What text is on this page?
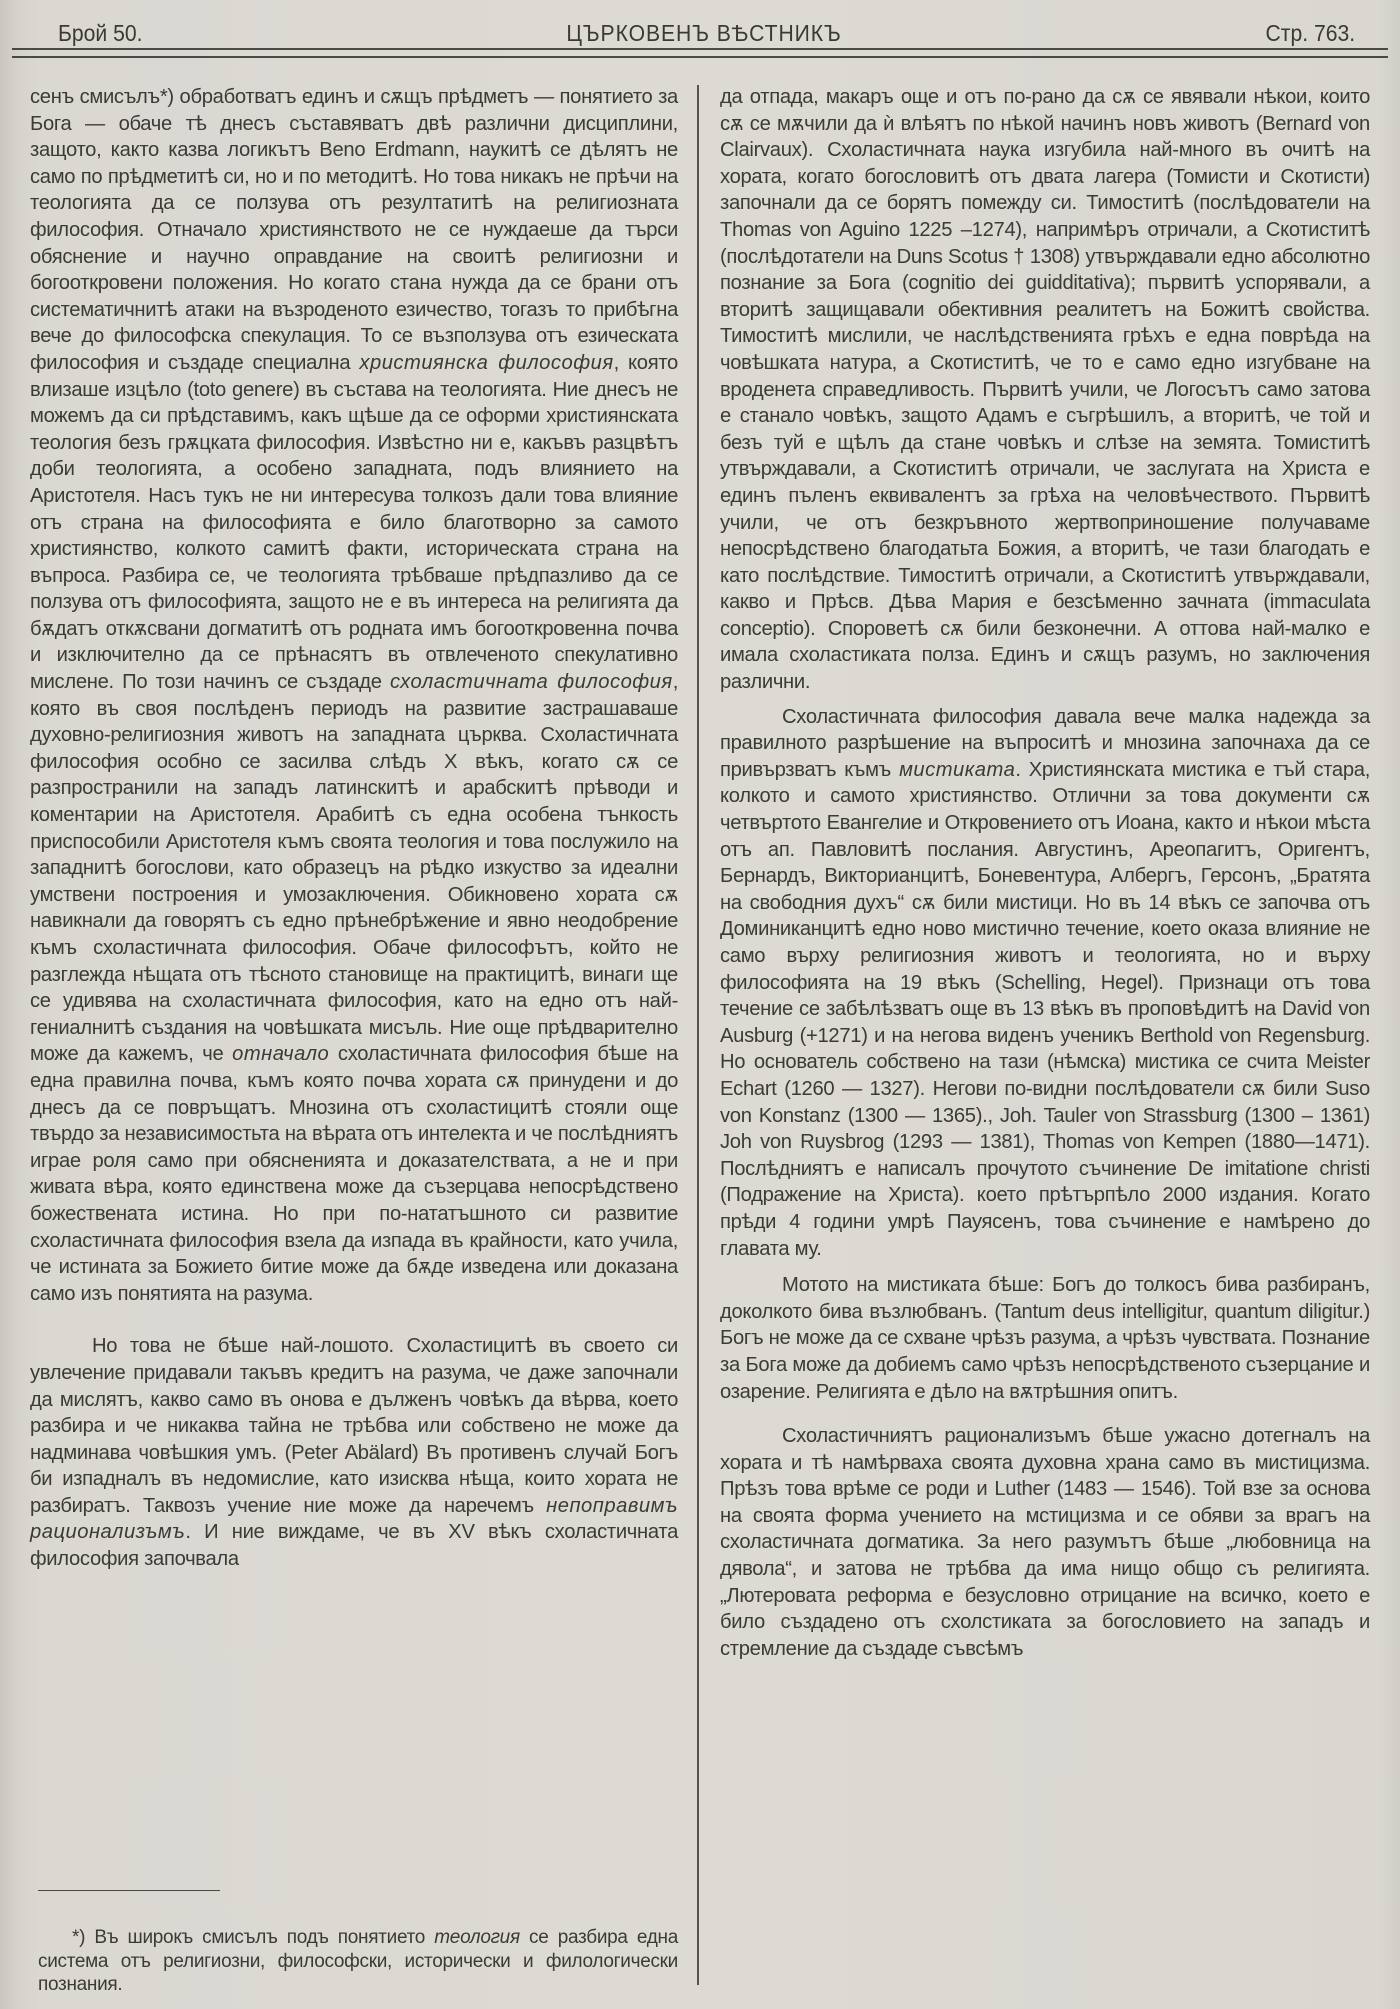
Брой 50.	ЦЪРКОВЕНЪ ВѢСТНИКЪ	Стр. 763.

сенъ смисълъ*) обработватъ единъ и сѫщъ прѣдметъ — понятието за Бога — обаче тѣ днесъ съставяватъ двѣ различни дисциплини, защото, както казва логикътъ Beno Erdmann, наукитѣ се дѣлятъ не само по прѣдметитѣ си, но и по методитѣ. Но това никакъ не прѣчи на теологията да се ползува отъ резултатитѣ на религиозната философия. Отначало християнството не се нуждаеше да търси обяснение и научно оправдание на своитѣ религиозни и богооткровени положения. Но когато стана нужда да се брани отъ систематичнитѣ атаки на възроденото езичество, тогазъ то прибѣгна вече до философска спекулация. То се възползува отъ езическата философия и създаде специална християнска философия, която влизаше изцѣло (toto genere) въ състава на теологията. Ние днесъ не можемъ да си прѣдставимъ, какъ щѣше да се оформи християнската теология безъ грѫцката философия. Извѣстно ни е, какъвъ разцвѣтъ доби теологията, а особено западната, подъ влиянието на Аристотеля. Насъ тукъ не ни интересува толкозъ дали това влияние отъ страна на философията е било благотворно за самото християнство, колкото самитѣ факти, историческата страна на въпроса. Разбира се, че теологията трѣбваше прѣдпазливо да се ползува отъ философията, защото не е въ интереса на религията да бѫдатъ откѫсвани догматитѣ отъ родната имъ богооткровенна почва и изключително да се прѣнасятъ въ отвлеченото спекулативно мислене. По този начинъ се създаде схоластичната философия, която въ своя послѣденъ периодъ на развитие застрашаваше духовно-религиозния животъ на западната църква. Схоластичната философия особно се засилва слѣдъ X вѣкъ, когато сѫ се разпространили на западъ латинскитѣ и арабскитѣ прѣводи и коментарии на Аристотеля. Арабитѣ съ една особена тънкость приспособили Аристотеля къмъ своята теология и това послужило на западнитѣ богослови, като образецъ на рѣдко изкуство за идеални умствени построения и умозаключения. Обикновено хората сѫ навикнали да говорятъ съ едно прѣнебрѣжение и явно неодобрение къмъ схоластичната философия. Обаче философътъ, който не разглежда нѣщата отъ тѣсното становище на практицитѣ, винаги ще се удивява на схоластичната философия, като на едно отъ най-гениалнитѣ създания на човѣшката мисъль. Ние още прѣдварително може да кажемъ, че отначало схоластичната философия бѣше на една правилна почва, къмъ която почва хората сѫ принудени и до днесъ да се повръщатъ. Мнозина отъ схоластицитѣ стояли още твърдо за независимостьта на вѣрата отъ интелекта и че послѣдниятъ играе роля само при обясненията и доказателствата, а не и при живата вѣра, която единствена може да съзерцава непосрѣдствено божествената истина. Но при по-нататъшното си развитие схоластичната философия взела да изпада въ крайности, като учила, че истината за Божието битие може да бѫде изведена или доказана само изъ понятията на разума.

Но това не бѣше най-лошото. Схоластицитѣ въ своето си увлечение придавали такъвъ кредитъ на разума, че даже започнали да мислятъ, какво само въ онова е дълженъ човѣкъ да вѣрва, което разбира и че никаква тайна не трѣбва или собствено не може да надминава човѣшкия умъ. (Peter Abälard) Въ противенъ случай Богъ би изпадналъ въ недомислие, като изисква нѣща, които хората не разбиратъ. Таквозъ учение ние може да наречемъ непоправимъ рационализъмъ. И ние виждаме, че въ XV вѣкъ схоластичната философия започвала

да отпада, макаръ още и отъ по-рано да сѫ се явявали нѣкои, които сѫ се мѫчили да ѝ влѣятъ по нѣкой начинъ новъ животъ (Bernard von Clairvaux). Схоластичната наука изгубила най-много въ очитѣ на хората, когато богословитѣ отъ двата лагера (Томисти и Скотисти) започнали да се борятъ помежду си. Тимоститѣ (послѣдователи на Thomas von Aguino 1225 –1274), напримѣръ отричали, а Скотиститѣ (послѣдотатели на Duns Scotus † 1308) утвърждавали едно абсолютно познание за Бога (cognitio dei guidditativa); първитѣ успорявали, а вторитѣ защищавали обективния реалитетъ на Божитѣ свойства. Тимоститѣ мислили, че наслѣдственията грѣхъ е една поврѣда на човѣшката натура, а Скотиститѣ, че то е само едно изгубване на вроденета справедливость. Първитѣ учили, че Логосътъ само затова е станало човѣкъ, защото Адамъ е съгрѣшилъ, а вторитѣ, че той и безъ туй е щѣлъ да стане човѣкъ и слѣзе на земята. Томиститѣ утвърждавали, а Скотиститѣ отричали, че заслугата на Христа е единъ пъленъ еквивалентъ за грѣха на человѣчеството. Първитѣ учили, че отъ безкръвното жертвоприношение получаваме непосрѣдствено благодатьта Божия, а вторитѣ, че тази благодать е като послѣдствие. Тимоститѣ отричали, а Скотиститѣ утвърждавали, какво и Прѣсв. Дѣва Мария е безсѣменно зачната (immaculata conceptio). Споровeтѣ сѫ били безконечни. А оттова най-малко е имала схоластиката полза. Единъ и сѫщъ разумъ, но заключения различни.

Схоластичната философия давала вече малка надежда за правилното разрѣшение на въпроситѣ и мнозина започнаха да се привързватъ къмъ мистиката. Християнската мистика е тъй стара, колкото и самото християнство. Отлични за това документи сѫ четвъртото Евангелие и Откровението отъ Иоана, както и нѣкои мѣста отъ ап. Павловитѣ послания. Августинъ, Ареопагитъ, Оригентъ, Бернардъ, Викторианцитѣ, Боневентура, Албергъ, Герсонъ, „Братята на свободния духъ“ сѫ били мистици. Но въ 14 вѣкъ се започва отъ Доминиканцитѣ едно ново мистично течение, което оказа влияние не само върху религиозния животъ и теологията, но и върху философията на 19 вѣкъ (Schelling, Hegel). Признаци отъ това течение се забѣлѣзватъ още въ 13 вѣкъ въ проповѣдитѣ на David von Ausburg (+1271) и на негова виденъ ученикъ Berthold von Regensburg. Но основатель собствено на тази (нѣмска) мистика се счита Meister Echart (1260 — 1327). Негови по-видни послѣдователи сѫ били Suso von Konstanz (1300 — 1365)., Joh. Tauler von Strassburg (1300 – 1361) Joh von Ruysbrog (1293 — 1381), Thomas von Kempen (1880—1471). Послѣдниятъ е написалъ прочутото съчинение De imitatione christi (Подражение на Христа). което прѣтърпѣло 2000 издания. Когато прѣди 4 години умрѣ Пауясенъ, това съчинение е намѣрено до главата му.

Мотото на мистиката бѣше: Богъ до толкосъ бива разбиранъ, доколкото бива възлюбванъ. (Tantum deus intelligitur, quantum diligitur.) Богъ не може да се схване чрѣзъ разума, а чрѣзъ чувствата. Познание за Бога може да добиемъ само чрѣзъ непосрѣдственото съзерцание и озарение. Религията е дѣло на вѫтрѣшния опитъ.

Схоластичниятъ рационализъмъ бѣше ужасно дотегналъ на хората и тѣ намѣрваха своята духовна храна само въ мистицизма. Прѣзъ това врѣме се роди и Luther (1483 — 1546). Той взе за основа на своята форма учението на мстицизма и се обяви за врагъ на схоластичната догматика. За него разумътъ бѣше „любовница на дявола“, и затова не трѣбва да има нищо общо съ религията. „Лютеровата реформа е безусловно отрицание на всичко, което е било създадено отъ схолстиката за богословието на западъ и стремление да създаде съвсѣмъ

*) Въ широкъ смисълъ подъ понятието теология се разбира една система отъ религиозни, философски, исторически и филологически познания.
